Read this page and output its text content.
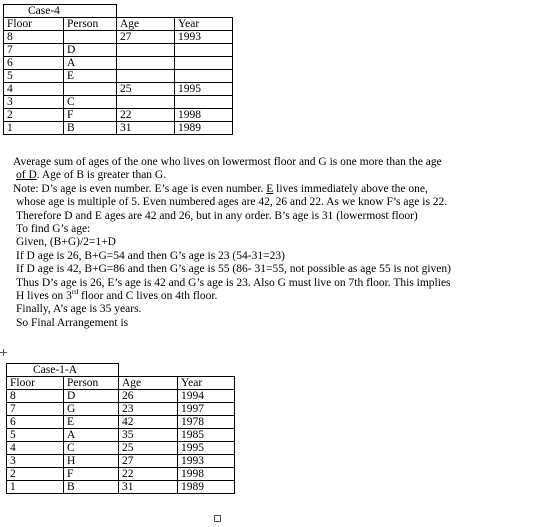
Case-4			
Floor	Person	Age	Year
8		27	1993
7	D		
6	A		
5	E		
4		25	1995
3	C		
2	F	22	1998
1	B	31	1989
Average sum of ages of the one who lives on lowermost floor and G is one more than the age
of D. Age of B is greater than G.
Note: D’s age is even number. E’s age is even number. E lives immediately above the one,
whose age is multiple of 5. Even numbered ages are 42, 26 and 22. As we know F’s age is 22.
Therefore D and E ages are 42 and 26, but in any order. B’s age is 31 (lowermost floor)
To find G’s age:
Given, (B+G)/2=1+D
If D age is 26, B+G=54 and then G’s age is 23 (54-31=23)
If D age is 42, B+G=86 and then G’s age is 55 (86- 31=55, not possible as age 55 is not given)
Thus D’s age is 26, E’s age is 42 and G’s age is 23. Also G must live on 7th floor. This implies
H lives on 3rd floor and C lives on 4th floor.
Finally, A’s age is 35 years.
So Final Arrangement is
Case-1-A			
Floor	Person	Age	Year
8	D	26	1994
7	G	23	1997
6	E	42	1978
5	A	35	1985
4	C	25	1995
3	H	27	1993
2	F	22	1998
1	B	31	1989
